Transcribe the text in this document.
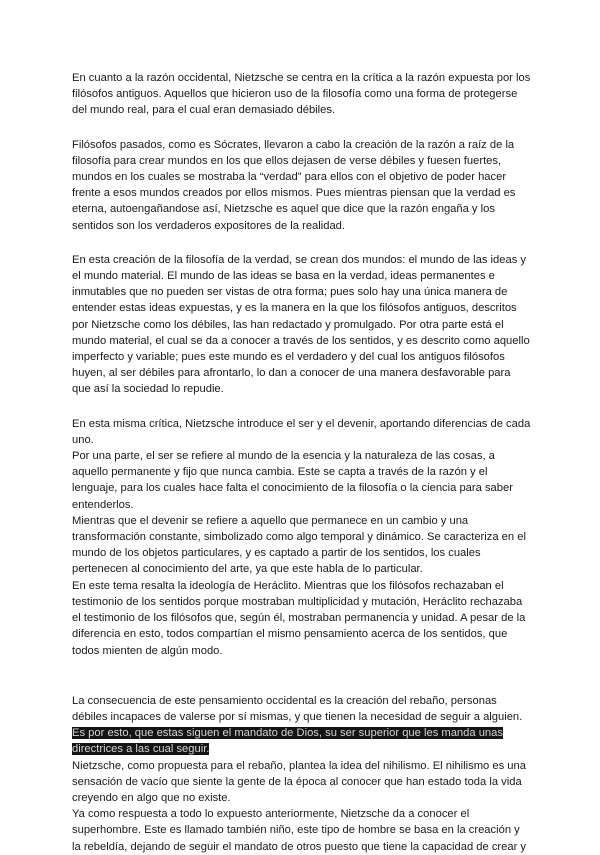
En cuanto a la razón occidental, Nietzsche se centra en la crítica a la razón expuesta por los
filósofos antiguos. Aquellos que hicieron uso de la filosofía como una forma de protegerse
del mundo real, para el cual eran demasiado débiles.
Filósofos pasados, como es Sócrates, llevaron a cabo la creación de la razón a raíz de la
filosofía para crear mundos en los que ellos dejasen de verse débiles y fuesen fuertes,
mundos en los cuales se mostraba la “verdad” para ellos con el objetivo de poder hacer
frente a esos mundos creados por ellos mismos. Pues mientras piensan que la verdad es
eterna, autoengañandose así, Nietzsche es aquel que dice que la razón engaña y los
sentidos son los verdaderos expositores de la realidad.
En esta creación de la filosofía de la verdad, se crean dos mundos: el mundo de las ideas y
el mundo material. El mundo de las ideas se basa en la verdad, ideas permanentes e
inmutables que no pueden ser vistas de otra forma; pues solo hay una única manera de
entender estas ideas expuestas, y es la manera en la que los filósofos antiguos, descritos
por Nietzsche como los débiles, las han redactado y promulgado. Por otra parte está el
mundo material, el cual se da a conocer a través de los sentidos, y es descrito como aquello
imperfecto y variable; pues este mundo es el verdadero y del cual los antiguos filósofos
huyen, al ser débiles para afrontarlo, lo dan a conocer de una manera desfavorable para
que así la sociedad lo repudie.
En esta misma crítica, Nietzsche introduce el ser y el devenir, aportando diferencias de cada
uno.
Por una parte, el ser se refiere al mundo de la esencia y la naturaleza de las cosas, a
aquello permanente y fijo que nunca cambia. Este se capta a través de la razón y el
lenguaje, para los cuales hace falta el conocimiento de la filosofía o la ciencia para saber
entenderlos.
Mientras que el devenir se refiere a aquello que permanece en un cambio y una
transformación constante, simbolizado como algo temporal y dinámico. Se caracteriza en el
mundo de los objetos particulares, y es captado a partir de los sentidos, los cuales
pertenecen al conocimiento del arte, ya que este habla de lo particular.
En este tema resalta la ideología de Heráclito. Mientras que los filósofos rechazaban el
testimonio de los sentidos porque mostraban multiplicidad y mutación, Heráclito rechazaba
el testimonio de los filósofos que, según él, mostraban permanencia y unidad. A pesar de la
diferencia en esto, todos compartían el mismo pensamiento acerca de los sentidos, que
todos mienten de algún modo.
La consecuencia de este pensamiento occidental es la creación del rebaño, personas
débiles incapaces de valerse por sí mismas, y que tienen la necesidad de seguir a alguien.
Es por esto, que estas siguen el mandato de Dios, su ser superior que les manda unas
directrices a las cual seguir.
Nietzsche, como propuesta para el rebaño, plantea la idea del nihilismo. El nihilismo es una
sensación de vacío que siente la gente de la época al conocer que han estado toda la vida
creyendo en algo que no existe.
Ya como respuesta a todo lo expuesto anteriormente, Nietzsche da a conocer el
superhombre. Este es llamado también niño, este tipo de hombre se basa en la creación y
la rebeldía, dejando de seguir el mandato de otros puesto que tiene la capacidad de crear y
